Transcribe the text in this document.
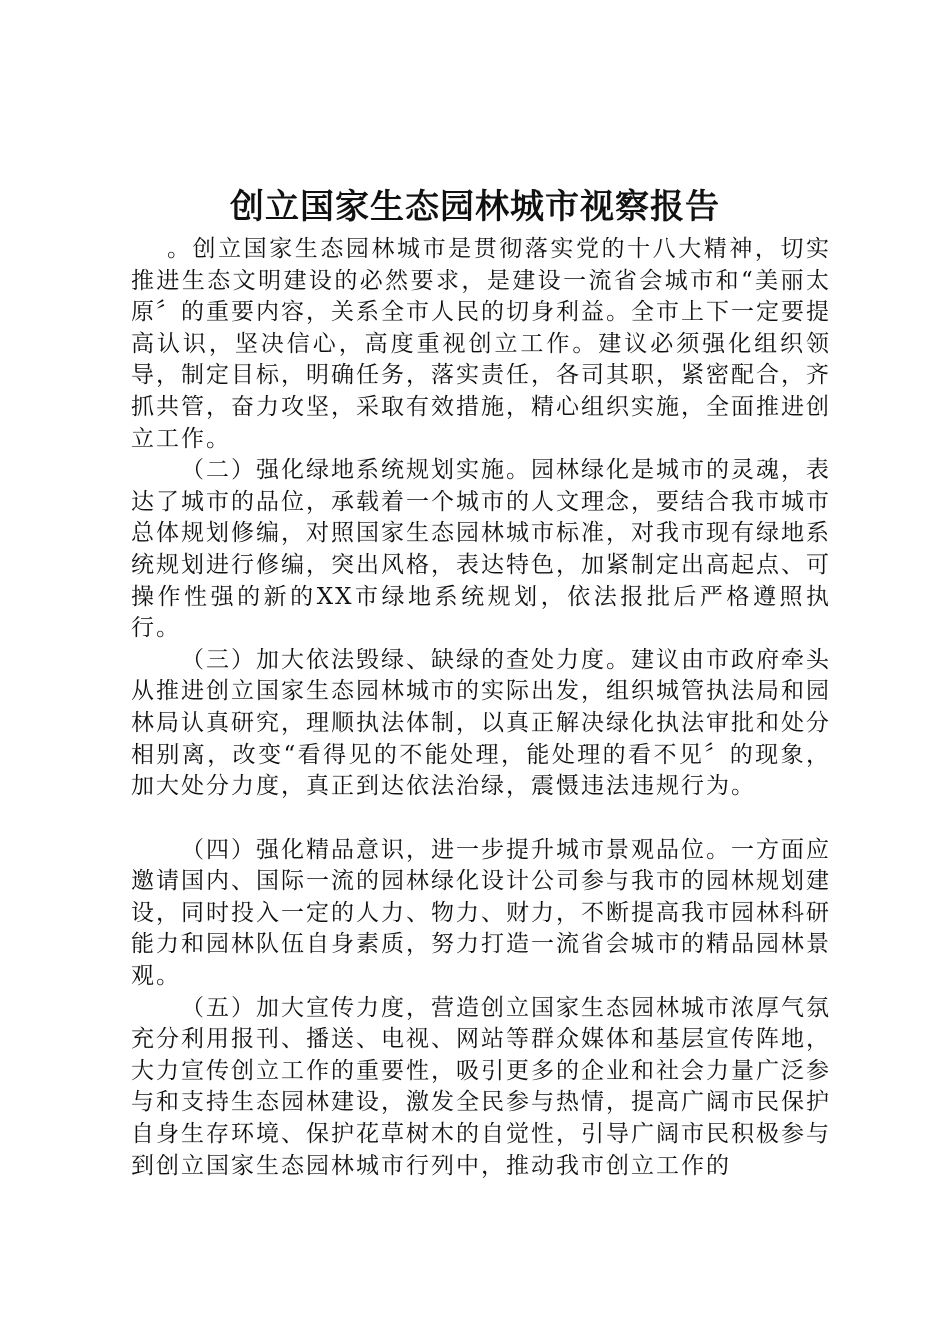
创立国家生态园林城市视察报告

。创立国家生态园林城市是贯彻落实党的十八大精神，切实推进生态文明建设的必然要求，是建设一流省会城市和“美丽太原〞的重要内容，关系全市人民的切身利益。全市上下一定要提高认识，坚决信心，高度重视创立工作。建议必须强化组织领导，制定目标，明确任务，落实责任，各司其职，紧密配合，齐抓共管，奋力攻坚，采取有效措施，精心组织实施，全面推进创立工作。

（二）强化绿地系统规划实施。园林绿化是城市的灵魂，表达了城市的品位，承载着一个城市的人文理念，要结合我市城市总体规划修编，对照国家生态园林城市标准，对我市现有绿地系统规划进行修编，突出风格，表达特色，加紧制定出高起点、可操作性强的新的XX市绿地系统规划，依法报批后严格遵照执行。

（三）加大依法毁绿、缺绿的查处力度。建议由市政府牵头从推进创立国家生态园林城市的实际出发，组织城管执法局和园林局认真研究，理顺执法体制，以真正解决绿化执法审批和处分相别离，改变“看得见的不能处理，能处理的看不见〞的现象，加大处分力度，真正到达依法治绿，震慑违法违规行为。

（四）强化精品意识，进一步提升城市景观品位。一方面应邀请国内、国际一流的园林绿化设计公司参与我市的园林规划建设，同时投入一定的人力、物力、财力，不断提高我市园林科研能力和园林队伍自身素质，努力打造一流省会城市的精品园林景观。

（五）加大宣传力度，营造创立国家生态园林城市浓厚气氛充分利用报刊、播送、电视、网站等群众媒体和基层宣传阵地，大力宣传创立工作的重要性，吸引更多的企业和社会力量广泛参与和支持生态园林建设，激发全民参与热情，提高广阔市民保护自身生存环境、保护花草树木的自觉性，引导广阔市民积极参与到创立国家生态园林城市行列中，推动我市创立工作的
